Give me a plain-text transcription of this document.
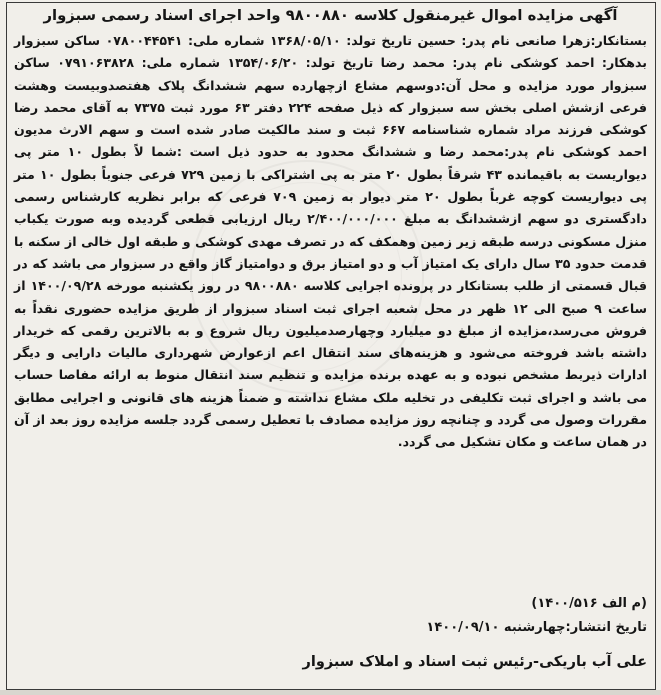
آگهی مزایده اموال غیرمنقول کلاسه ۹۸۰۰۸۸۰ واحد اجرای اسناد رسمی سبزوار

بستانکار:زهرا صانعی نام پدر: حسین تاریخ تولد: ۱۳۶۸/۰۵/۱۰ شماره ملی: ۰۷۸۰۰۴۴۵۴۱ ساکن سبزوار بدهکار: احمد کوشکی نام پدر: محمد رضا تاریخ تولد: ۱۳۵۴/۰۶/۲۰ شماره ملی: ۰۷۹۱۰۶۳۸۲۸ ساکن سبزوار مورد مزایده و محل آن:دوسهم مشاع ازچهارده سهم ششدانگ پلاک هفتصدوبیست وهشت فرعی ازشش اصلی بخش سه سبزوار که ذیل صفحه ۲۲۴ دفتر ۶۳ مورد ثبت ۷۳۷۵ به آقای محمد رضا کوشکی فرزند مراد شماره شناسنامه ۶۶۷ ثبت و سند مالکیت صادر شده است و سهم الارث مدیون احمد کوشکی نام پدر:محمد رضا و ششدانگ محدود به حدود ذیل است :شما لاً بطول ۱۰ متر پی دیواریست به باقیمانده ۴۳ شرقاً بطول ۲۰ متر به پی اشتراکی با زمین ۷۲۹ فرعی جنوباً بطول ۱۰ متر پی دیواریست کوچه غرباً بطول ۲۰ متر دیوار به زمین ۷۰۹ فرعی که برابر نظریه کارشناس رسمی دادگستری دو سهم ازششدانگ به مبلغ ۲/۴۰۰/۰۰۰/۰۰۰ ریال ارزیابی قطعی گردیده وبه صورت یکباب منزل مسکونی درسه طبقه زیر زمین وهمکف که در تصرف مهدی کوشکی و طبقه اول خالی از سکنه با قدمت حدود ۳۵ سال دارای یک امتیاز آب و دو امتیاز برق و دوامتیاز گاز واقع در سبزوار می باشد که در قبال قسمتی از طلب بستانکار در پرونده اجرایی کلاسه ۹۸۰۰۸۸۰ در روز یکشنبه مورخه ۱۴۰۰/۰۹/۲۸ از ساعت ۹ صبح الی ۱۲ ظهر در محل شعبه اجرای ثبت اسناد سبزوار از طریق مزایده حضوری نقداً به فروش می‌رسد،مزایده از مبلغ دو میلیارد وچهارصدمیلیون ریال شروع و به بالاترین رقمی که خریدار داشته باشد فروخته می‌شود و هزینه‌های سند انتقال اعم ازعوارض شهرداری مالیات دارایی و دیگر ادارات ذیربط مشخص نبوده و به عهده برنده مزایده و تنظیم سند انتقال منوط به ارائه مفاصا حساب می باشد و اجرای ثبت تکلیفی در تخلیه ملک مشاع نداشته و ضمناً هزینه های قانونی و اجرایی مطابق مقررات وصول می گردد و چنانچه روز مزایده مصادف با تعطیل رسمی گردد جلسه مزایده روز بعد از آن در همان ساعت و مکان تشکیل می گردد.

(م الف ۱۴۰۰/۵۱۶)
تاریخ انتشار:چهارشنبه ۱۴۰۰/۰۹/۱۰
علی آب باریکی-رئیس ثبت اسناد و املاک سبزوار
